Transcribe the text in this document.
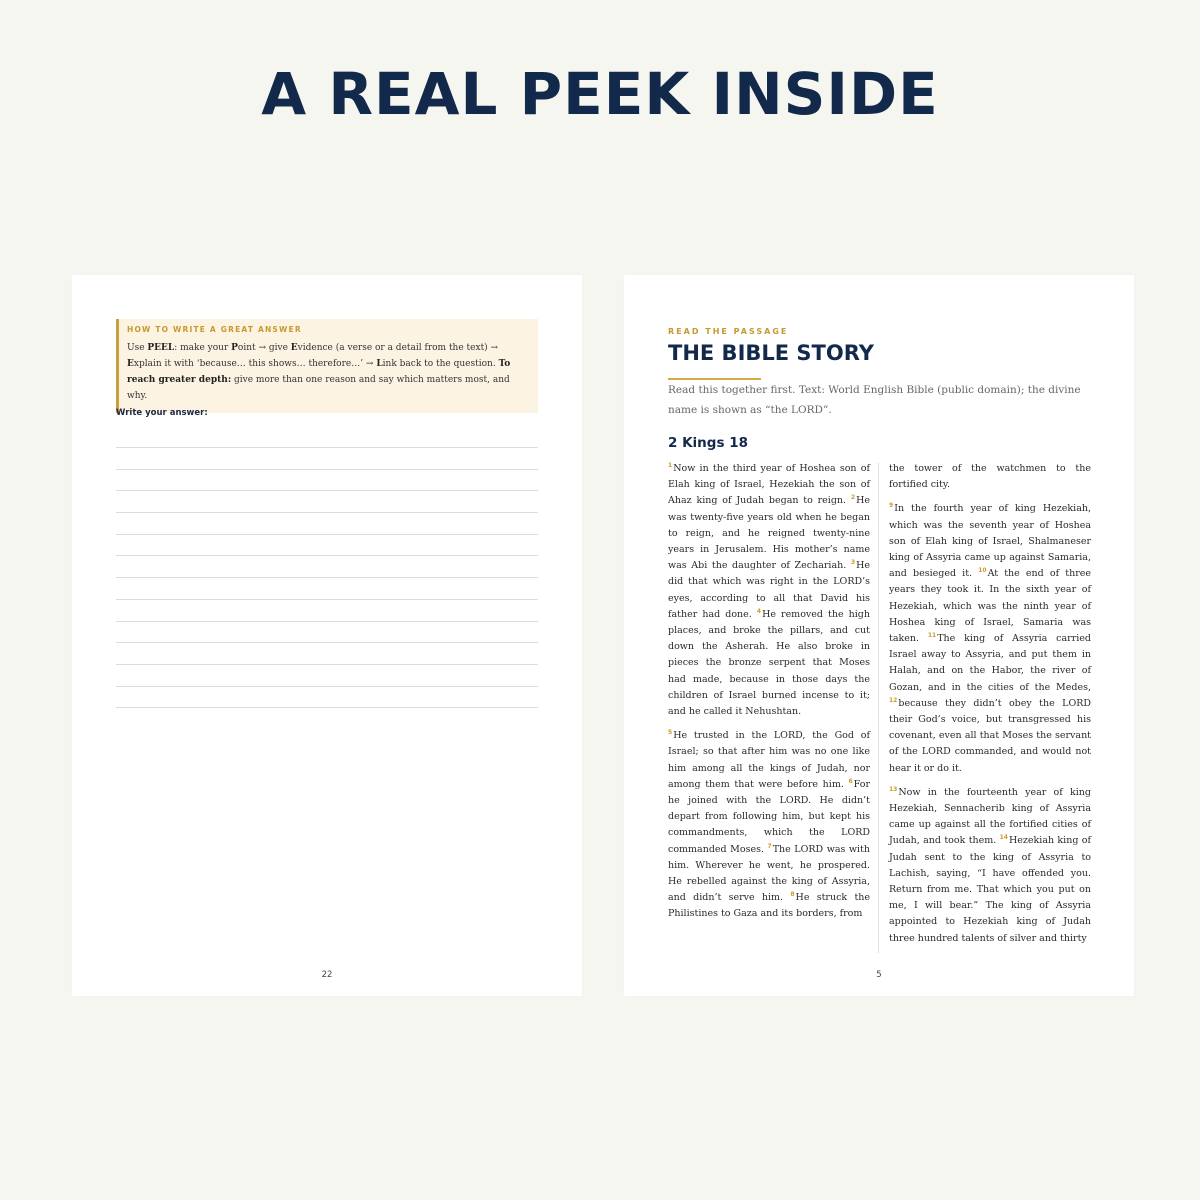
A REAL PEEK INSIDE

HOW TO WRITE A GREAT ANSWER

Use PEEL: make your Point → give Evidence (a verse or a detail from the text) → Explain it with ‘because… this shows… therefore…’ → Link back to the question. To reach greater depth: give more than one reason and say which matters most, and why.

Write your answer:
22
READ THE PASSAGE
THE BIBLE STORY

Read this together first. Text: World English Bible (public domain); the divine name is shown as “the LORD”.

2 Kings 18

$^1$Now in the third year of Hoshea son of Elah king of Israel, Hezekiah the son of Ahaz king of Judah began to reign. $^2$He was twenty-five years old when he began to reign, and he reigned twenty-nine years in Jerusalem. His mother’s name was Abi the daughter of Zechariah. $^3$He did that which was right in the LORD’s eyes, according to all that David his father had done. $^4$He removed the high places, and broke the pillars, and cut down the Asherah. He also broke in pieces the bronze serpent that Moses had made, because in those days the children of Israel burned incense to it; and he called it Nehushtan.

$^5$He trusted in the LORD, the God of Israel; so that after him was no one like him among all the kings of Judah, nor among them that were before him. $^6$For he joined with the LORD. He didn’t depart from following him, but kept his commandments, which the LORD commanded Moses. $^7$The LORD was with him. Wherever he went, he prospered. He rebelled against the king of Assyria, and didn’t serve him. $^8$He struck the Philistines to Gaza and its borders, from

the tower of the watchmen to the fortified city.

$^9$In the fourth year of king Hezekiah, which was the seventh year of Hoshea son of Elah king of Israel, Shalmaneser king of Assyria came up against Samaria, and besieged it. $^{10}$At the end of three years they took it. In the sixth year of Hezekiah, which was the ninth year of Hoshea king of Israel, Samaria was taken. $^{11}$The king of Assyria carried Israel away to Assyria, and put them in Halah, and on the Habor, the river of Gozan, and in the cities of the Medes, $^{12}$because they didn’t obey the LORD their God’s voice, but transgressed his covenant, even all that Moses the servant of the LORD commanded, and would not hear it or do it.

$^{13}$Now in the fourteenth year of king Hezekiah, Sennacherib king of Assyria came up against all the fortified cities of Judah, and took them. $^{14}$Hezekiah king of Judah sent to the king of Assyria to Lachish, saying, “I have offended you. Return from me. That which you put on me, I will bear.” The king of Assyria appointed to Hezekiah king of Judah three hundred talents of silver and thirty

5
